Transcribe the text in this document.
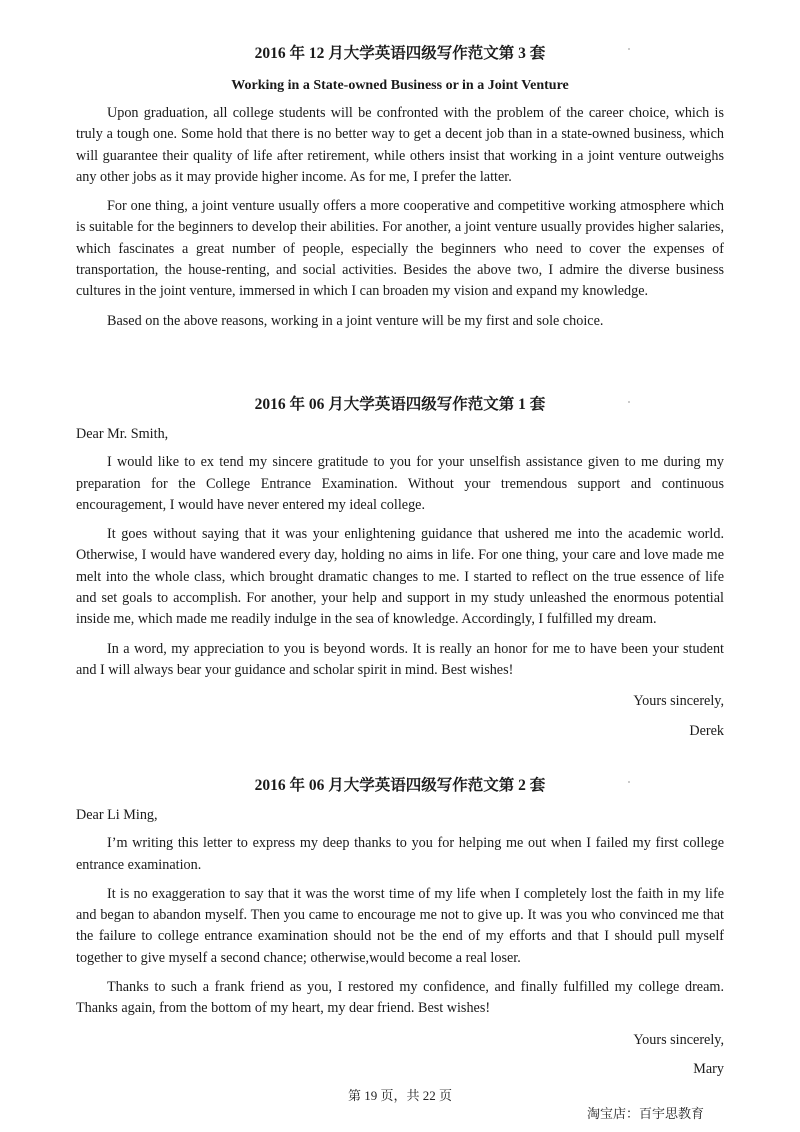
2016 年 12 月大学英语四级写作范文第 3 套
Working in a State-owned Business or in a Joint Venture
Upon graduation, all college students will be confronted with the problem of the career choice, which is truly a tough one. Some hold that there is no better way to get a decent job than in a state-owned business, which will guarantee their quality of life after retirement, while others insist that working in a joint venture outweighs any other jobs as it may provide higher income. As for me, I prefer the latter.
For one thing, a joint venture usually offers a more cooperative and competitive working atmosphere which is suitable for the beginners to develop their abilities. For another, a joint venture usually provides higher salaries, which fascinates a great number of people, especially the beginners who need to cover the expenses of transportation, the house-renting, and social activities. Besides the above two, I admire the diverse business cultures in the joint venture, immersed in which I can broaden my vision and expand my knowledge.
Based on the above reasons, working in a joint venture will be my first and sole choice.
2016 年 06 月大学英语四级写作范文第 1 套
Dear Mr. Smith,
I would like to ex tend my sincere gratitude to you for your unselfish assistance given to me during my preparation for the College Entrance Examination. Without your tremendous support and continuous encouragement, I would have never entered my ideal college.
It goes without saying that it was your enlightening guidance that ushered me into the academic world. Otherwise, I would have wandered every day, holding no aims in life. For one thing, your care and love made me melt into the whole class, which brought dramatic changes to me. I started to reflect on the true essence of life and set goals to accomplish. For another, your help and support in my study unleashed the enormous potential inside me, which made me readily indulge in the sea of knowledge. Accordingly, I fulfilled my dream.
In a word, my appreciation to you is beyond words. It is really an honor for me to have been your student and I will always bear your guidance and scholar spirit in mind. Best wishes!
Yours sincerely,
Derek
2016 年 06 月大学英语四级写作范文第 2 套
Dear Li Ming,
I’m writing this letter to express my deep thanks to you for helping me out when I failed my first college entrance examination.
It is no exaggeration to say that it was the worst time of my life when I completely lost the faith in my life and began to abandon myself. Then you came to encourage me not to give up. It was you who convinced me that the failure to college entrance examination should not be the end of my efforts and that I should pull myself together to give myself a second chance; otherwise,would become a real loser.
Thanks to such a frank friend as you, I restored my confidence, and finally fulfilled my college dream. Thanks again, from the bottom of my heart, my dear friend. Best wishes!
Yours sincerely,
Mary
第 19 页，共 22 页
淘宝店：百宇思教育
